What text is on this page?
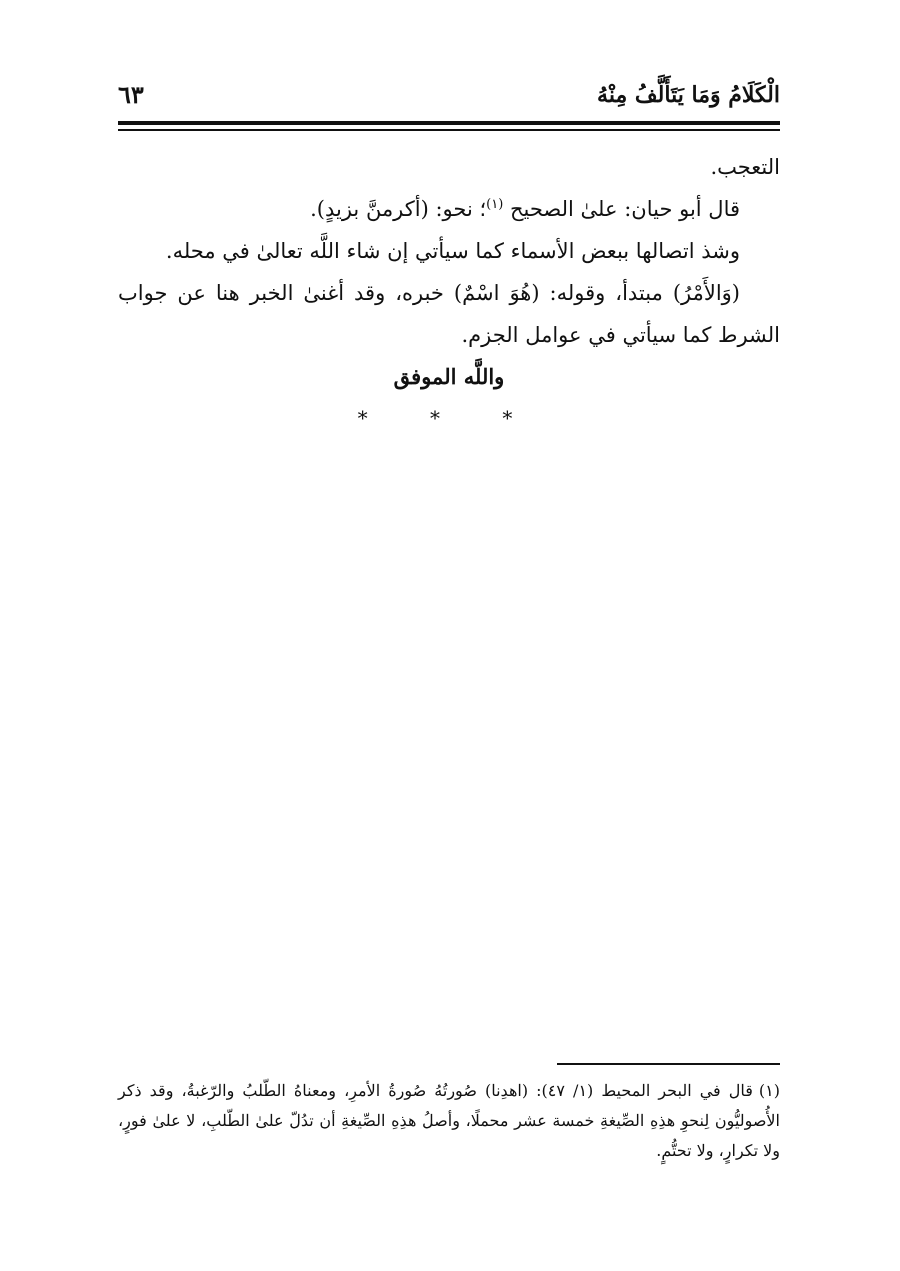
الْكَلَامُ وَمَا يَتَأَلَّفُ مِنْهُ
٦٣

التعجب.

قال أبو حيان: علىٰ الصحيح $^{(١)}$؛ نحو: (أكرمنَّ بزيدٍ).

وشذ اتصالها ببعض الأسماء كما سيأتي إن شاء اللَّه تعالىٰ في محله.

(وَالأَمْرُ) مبتدأ، وقوله: (هُوَ اسْمٌ) خبره، وقد أغنىٰ الخبر هنا عن جواب الشرط كما سيأتي في عوامل الجزم.

واللَّه الموفق

* * *

(١)قال في البحر المحيط (١/ ٤٧): (اهدِنا) صُورتُهُ صُورةُ الأمرِ، ومعناهُ الطّلبُ والرّغبةُ، وقد ذكر الأُصوليُّون لِنحوِ هذِهِ الصِّيغةِ خمسة عشر محملًا، وأصلُ هذِهِ الصِّيغةِ أن تدُلّ علىٰ الطّلبِ، لا علىٰ فورٍ، ولا تكرارٍ، ولا تحتُّمٍ.
